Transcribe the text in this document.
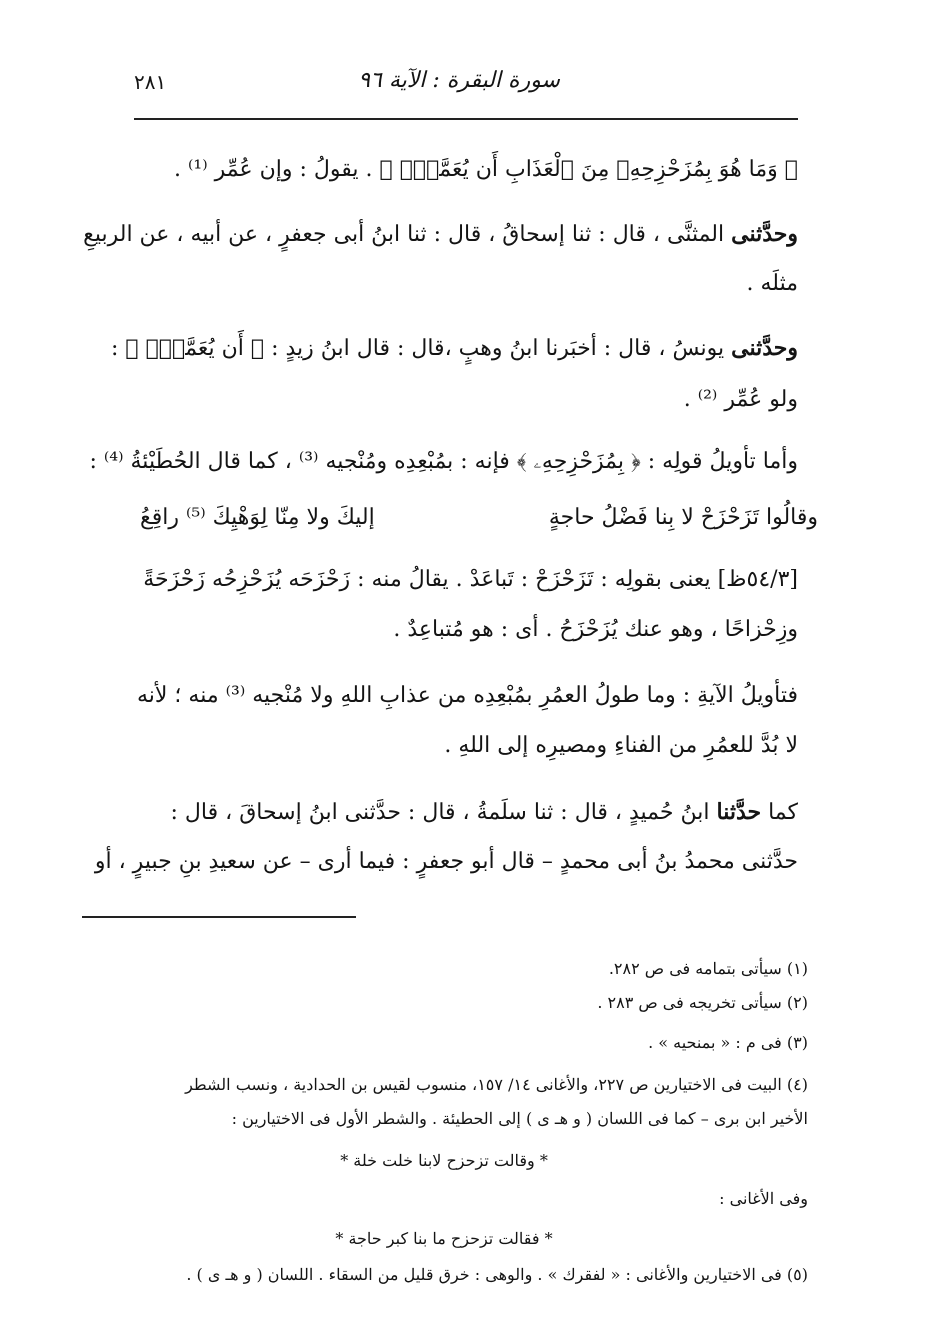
سورة البقرة : الآية ٩٦
٢٨١
﴿ وَمَا هُوَ بِمُزَحْزِحِهِۦ مِنَ ٱلْعَذَابِ أَن يُعَمَّرَۗ ﴾ . يقولُ : وإن عُمِّر ⁽¹⁾ .
وحدَّثنى المثنَّى ، قال : ثنا إسحاقُ ، قال : ثنا ابنُ أبى جعفرٍ ، عن أبيه ، عن الربيعِ
مثلَه .
وحدَّثنى يونسُ ، قال : أخبَرنا ابنُ وهبٍ ،قال : قال ابنُ زيدٍ : ﴿ أَن يُعَمَّرَۗ ﴾ :
ولو عُمِّر ⁽²⁾ .
وأما تأويلُ قولِه : ﴿ بِمُزَحْزِحِهِۦ ﴾ فإنه : بمُبْعِدِه ومُنْجيه ⁽³⁾ ، كما قال الحُطَيْئةُ ⁽⁴⁾ :
وقالُوا تَزَحْزَحْ لا بِنا فَضْلُ حاجةٍ
إليكَ ولا مِنّا لِوَهْيِكَ ⁽⁵⁾ راقِعُ
[٥٤/٣ظ] يعنى بقولِه : تَزَحْزَحْ : تَباعَدْ . يقالُ منه : زَحْزَحَه يُزَحْزِحُه زَحْزَحَةً
وزِحْزاحًا ، وهو عنك يُزَحْزَحُ . أى : هو مُتباعِدٌ .
فتأويلُ الآيةِ : وما طولُ العمُرِ بمُبْعِدِه من عذابِ اللهِ ولا مُنْجيه ⁽³⁾ منه ؛ لأنه
لا بُدَّ للعمُرِ من الفناءِ ومصيرِه إلى اللهِ .
كما حدَّثنا ابنُ حُميدٍ ، قال : ثنا سلَمةُ ، قال : حدَّثنى ابنُ إسحاقَ ، قال :
حدَّثنى محمدُ بنُ أبى محمدٍ – قال أبو جعفرٍ : فيما أرى – عن سعيدِ بنِ جبيرٍ ، أو
(١) سيأتى بتمامه فى ص ٢٨٢.
(٢) سيأتى تخريجه فى ص ٢٨٣ .
(٣) فى م : « بمنحيه » .
(٤) البيت فى الاختيارين ص ٢٢٧، والأغانى ١٤/ ١٥٧، منسوب لقيس بن الحدادية ، ونسب الشطر
الأخير ابن برى – كما فى اللسان ( و هـ ى ) إلى الحطيئة . والشطر الأول فى الاختيارين :
* وقالت تزحزح لابنا خلت خلة *
وفى الأغانى :
* فقالت تزحزح ما بنا كبر حاجة *
(٥) فى الاختيارين والأغانى : « لفقرك » . والوهى : خرق قليل من السقاء . اللسان ( و هـ ى ) .
